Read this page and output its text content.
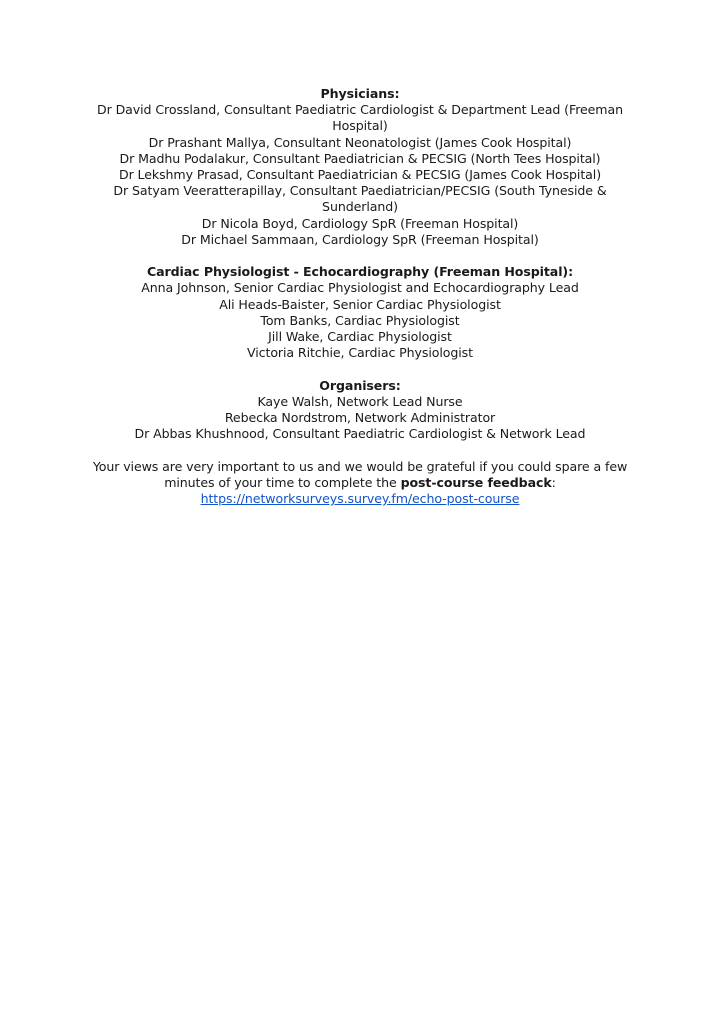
Physicians:
Dr David Crossland, Consultant Paediatric Cardiologist & Department Lead (Freeman Hospital)
Dr Prashant Mallya, Consultant Neonatologist (James Cook Hospital)
Dr Madhu Podalakur, Consultant Paediatrician & PECSIG (North Tees Hospital)
Dr Lekshmy Prasad, Consultant Paediatrician & PECSIG (James Cook Hospital)
Dr Satyam Veeratterapillay, Consultant Paediatrician/PECSIG (South Tyneside & Sunderland)
Dr Nicola Boyd, Cardiology SpR (Freeman Hospital)
Dr Michael Sammaan, Cardiology SpR (Freeman Hospital)
Cardiac Physiologist - Echocardiography (Freeman Hospital):
Anna Johnson, Senior Cardiac Physiologist and Echocardiography Lead
Ali Heads-Baister, Senior Cardiac Physiologist
Tom Banks, Cardiac Physiologist
Jill Wake, Cardiac Physiologist
Victoria Ritchie, Cardiac Physiologist
Organisers:
Kaye Walsh, Network Lead Nurse
Rebecka Nordstrom, Network Administrator
Dr Abbas Khushnood, Consultant Paediatric Cardiologist & Network Lead
Your views are very important to us and we would be grateful if you could spare a few minutes of your time to complete the post-course feedback:
https://networksurveys.survey.fm/echo-post-course
